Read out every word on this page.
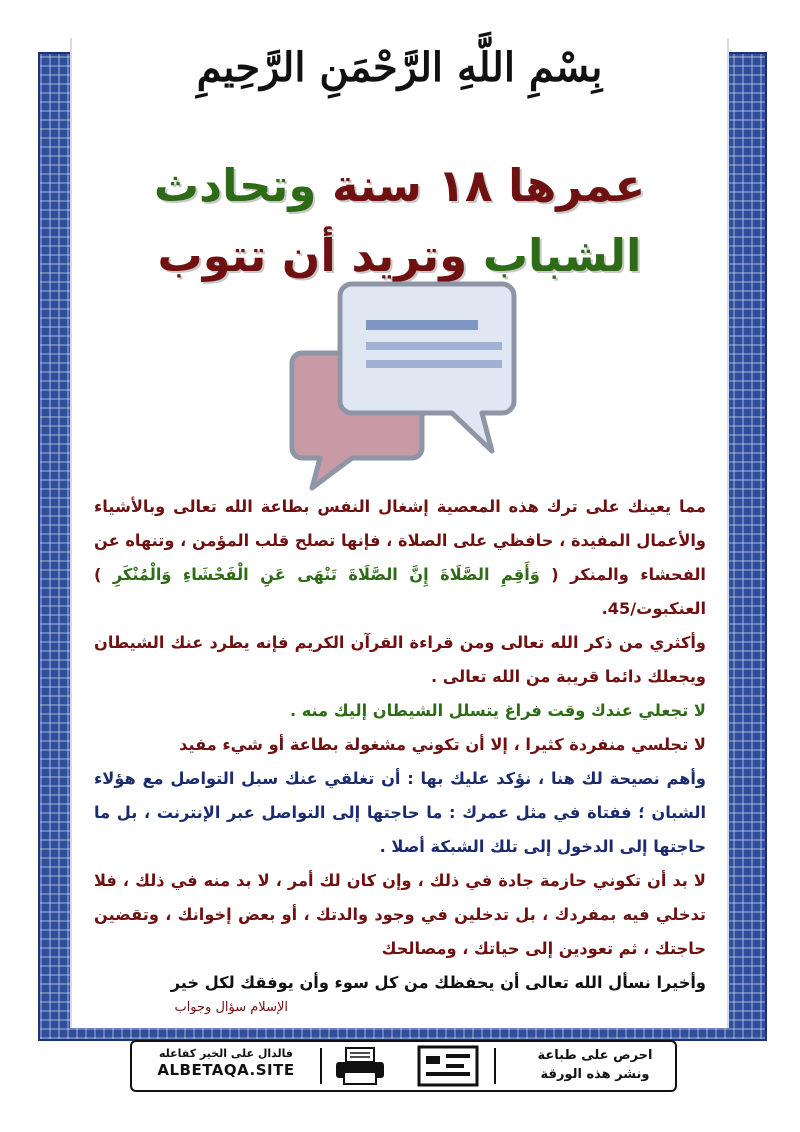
بِسْمِ اللَّهِ الرَّحْمَنِ الرَّحِيمِ
عمرها ١٨ سنة وتحادث
الشباب وتريد أن تتوب

مما يعينك على ترك هذه المعصية إشغال النفس بطاعة الله تعالى وبالأشياء والأعمال المفيدة ، حافظي على الصلاة ، فإنها تصلح قلب المؤمن ، وتنهاه عن الفحشاء والمنكر ( وَأَقِمِ الصَّلَاةَ إِنَّ الصَّلَاةَ تَنْهَى عَنِ الْفَحْشَاءِ وَالْمُنْكَرِ ) العنكبوت/45.

وأكثري من ذكر الله تعالى ومن قراءة القرآن الكريم فإنه يطرد عنك الشيطان ويجعلك دائما قريبة من الله تعالى .

لا تجعلي عندك وقت فراغ يتسلل الشيطان إليك منه .

لا تجلسي منفردة كثيرا ، إلا أن تكوني مشغولة بطاعة أو شيء مفيد

وأهم نصيحة لك هنا ، نؤكد عليك بها : أن تغلقي عنك سبل التواصل مع هؤلاء الشبان ؛ ففتاة في مثل عمرك : ما حاجتها إلى التواصل عبر الإنترنت ، بل ما حاجتها إلى الدخول إلى تلك الشبكة أصلا .

لا بد أن تكوني حازمة جادة في ذلك ، وإن كان لك أمر ، لا بد منه في ذلك ، فلا تدخلي فيه بمفردك ، بل تدخلين في وجود والدتك ، أو بعض إخوانك ، وتقضين حاجتك ، ثم تعودين إلى حياتك ، ومصالحك

وأخيرا نسأل الله تعالى أن يحفظك من كل سوء وأن يوفقك لكل خير

الإسلام سؤال وجواب
احرص على طباعة
ونشر هذه الورقة
فالدال على الخير كفاعله
ALBETAQA.SITE
